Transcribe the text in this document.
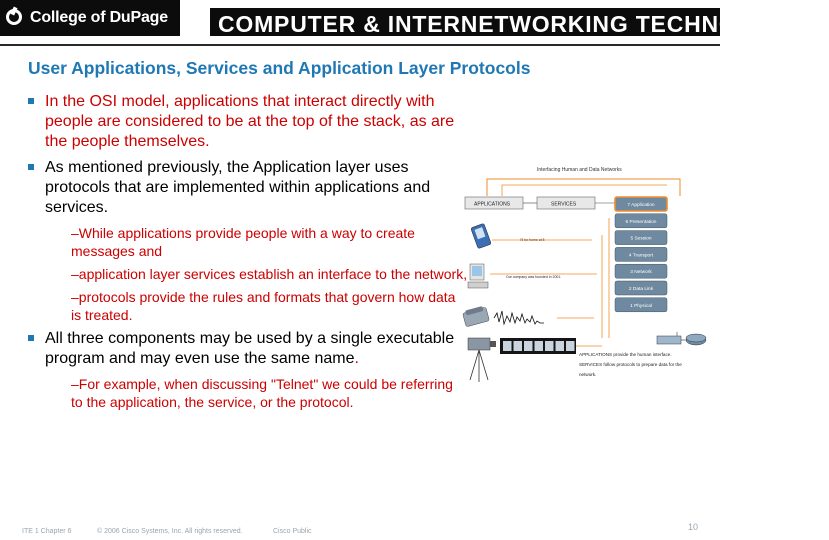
College of DuPage COMPUTER & INTERNETWORKING TECHNOLOGIES
User Applications, Services and Application Layer Protocols
In the OSI model, applications that interact directly with people are considered to be at the top of the stack, as are the people themselves.
As mentioned previously, the Application layer uses protocols that are implemented within applications and services.
–While applications provide people with a way to create messages and
–application layer services establish an interface to the network,
–protocols provide the rules and formats that govern how data is treated.
All three components may be used by a single executable program and may even use the same name.
–For example, when discussing "Telnet" we could be referring to the application, the service, or the protocol.
Interfacing Human and Data Networks
APPLICATIONS	SERVICES	7 Application
6 Presentation
5 Session
4 Transport
3 Network
2 Data Link
1 Physical
I'll be home at 5
Our company was founded in 2001.
APPLICATIONS provide the human interface.
SERVICES follow protocols to prepare data for the
network.
ITE 1 Chapter 6	© 2006 Cisco Systems, Inc. All rights reserved.	Cisco Public	10
